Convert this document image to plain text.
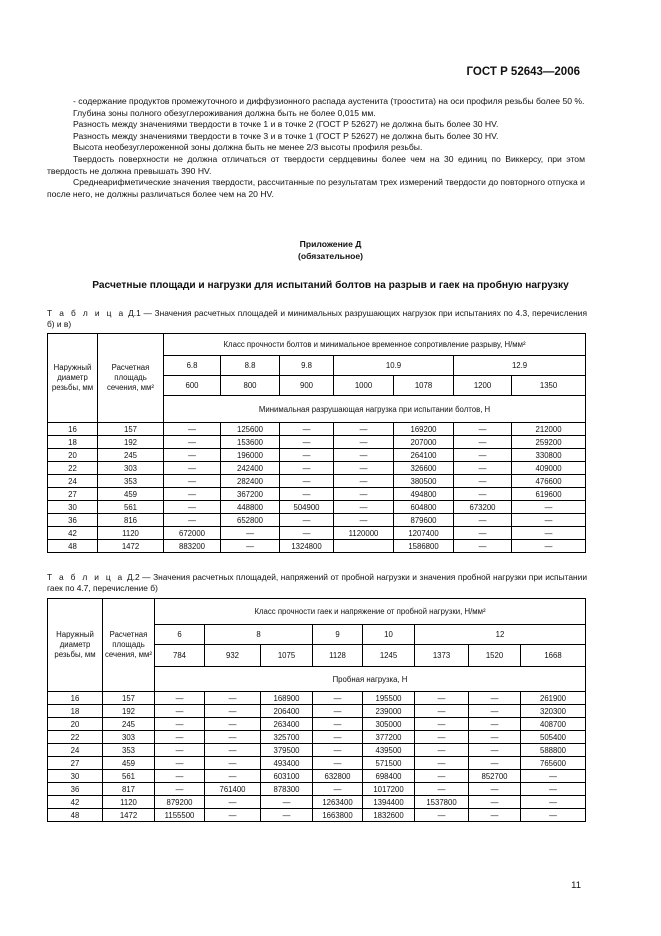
ГОСТ Р 52643—2006

- содержание продуктов промежуточного и диффузионного распада аустенита (троостита) на оси профиля резьбы более 50 %.

Глубина зоны полного обезуглероживания должна быть не более 0,015 мм.

Разность между значениями твердости в точке 1 и в точке 2 (ГОСТ Р 52627) не должна быть более 30 HV.

Разность между значениями твердости в точке 3 и в точке 1 (ГОСТ Р 52627) не должна быть более 30 HV.

Высота необезуглероженной зоны должна быть не менее 2/3 высоты профиля резьбы.

Твердость поверхности не должна отличаться от твердости сердцевины более чем на 30 единиц по Виккерсу, при этом твердость не должна превышать 390 HV.

Среднеарифметические значения твердости, рассчитанные по результатам трех измерений твердости до повторного отпуска и после него, не должны различаться более чем на 20 HV.

Приложение Д
(обязательное)
Расчетные площади и нагрузки для испытаний болтов на разрыв и гаек на пробную нагрузку
Т а б л и ц а Д.1 — Значения расчетных площадей и минимальных разрушающих нагрузок при испытаниях по 4.3, перечисления б) и в)
Наружный диаметр резьбы, мм	Расчетная площадь сечения, мм²	Класс прочности болтов и минимальное временное сопротивление разрыву, Н/мм²						
		6.8	8.8	9.8	10.9		12.9	
		600	800	900	1000	1078	1200	1350
		Минимальная разрушающая нагрузка при испытании болтов, Н						
16	157	—	125600	—	—	169200	—	212000
18	192	—	153600	—	—	207000	—	259200
20	245	—	196000	—	—	264100	—	330800
22	303	—	242400	—	—	326600	—	409000
24	353	—	282400	—	—	380500	—	476600
27	459	—	367200	—	—	494800	—	619600
30	561	—	448800	504900	—	604800	673200	—
36	816	—	652800	—	—	879600	—	—
42	1120	672000	—	—	1120000	1207400	—	—
48	1472	883200	—	1324800		1586800	—	—
Т а б л и ц а Д.2 — Значения расчетных площадей, напряжений от пробной нагрузки и значения пробной нагрузки при испытании гаек по 4.7, перечисление б)
Наружный диаметр резьбы, мм	Расчетная площадь сечения, мм²	Класс прочности гаек и напряжение от пробной нагрузки, Н/мм²							
		6	8		9	10	12		
		784	932	1075	1128	1245	1373	1520	1668
		Пробная нагрузка, Н							
16	157	—	—	168900	—	195500	—	—	261900
18	192	—	—	206400	—	239000	—	—	320300
20	245	—	—	263400	—	305000	—	—	408700
22	303	—	—	325700	—	377200	—	—	505400
24	353	—	—	379500	—	439500	—	—	588800
27	459	—	—	493400	—	571500	—	—	765600
30	561	—	—	603100	632800	698400	—	852700	—
36	817	—	761400	878300	—	1017200	—	—	—
42	1120	879200	—	—	1263400	1394400	1537800	—	—
48	1472	1155500	—	—	1663800	1832600	—	—	—
11
